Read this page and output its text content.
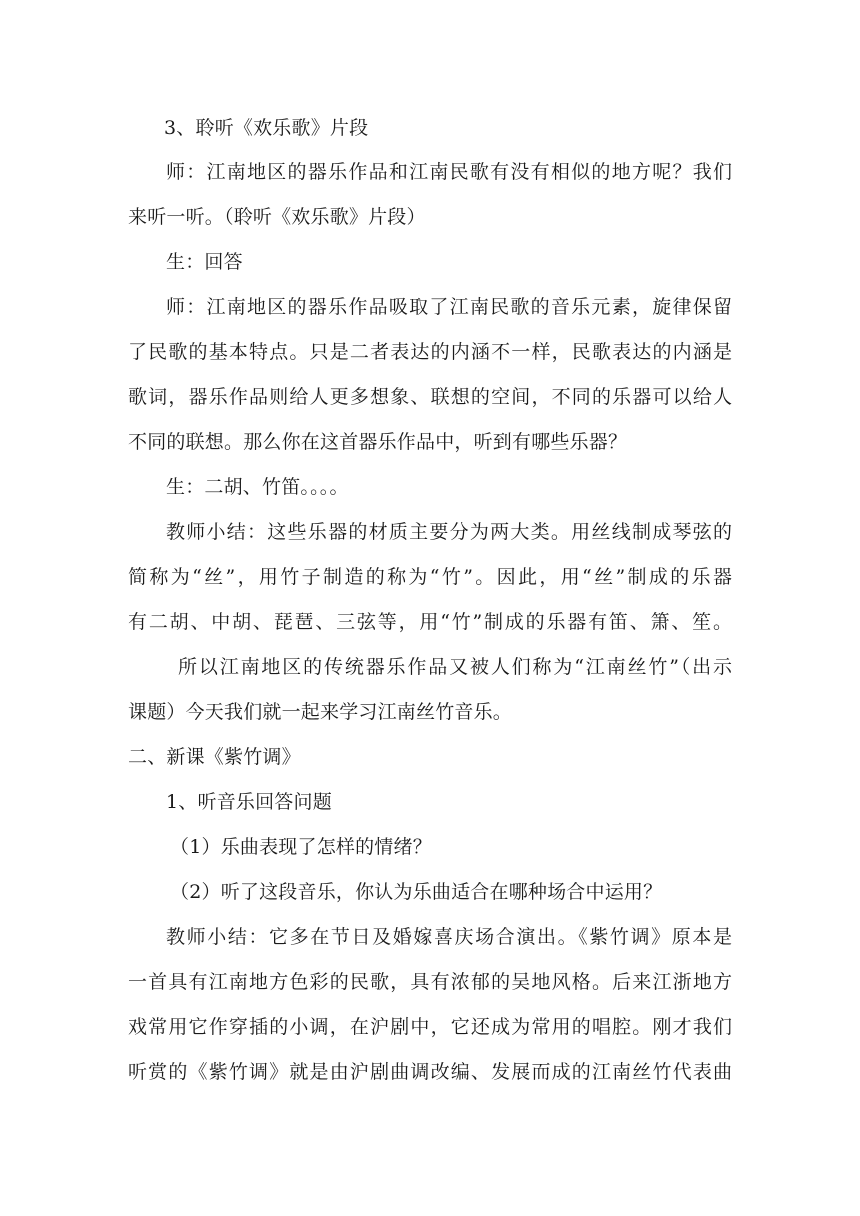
3、聆听《欢乐歌》片段
师：江南地区的器乐作品和江南民歌有没有相似的地方呢？我们
来听一听。（聆听《欢乐歌》片段）
生：回答
师：江南地区的器乐作品吸取了江南民歌的音乐元素，旋律保留
了民歌的基本特点。只是二者表达的内涵不一样，民歌表达的内涵是
歌词，器乐作品则给人更多想象、联想的空间，不同的乐器可以给人
不同的联想。那么你在这首器乐作品中，听到有哪些乐器？
生：二胡、竹笛。。。。
教师小结：这些乐器的材质主要分为两大类。用丝线制成琴弦的
简称为“丝”，用竹子制造的称为“竹”。因此，用“丝”制成的乐器
有二胡、中胡、琵琶、三弦等，用“竹”制成的乐器有笛、箫、笙。
所以江南地区的传统器乐作品又被人们称为“江南丝竹”（出示
课题）今天我们就一起来学习江南丝竹音乐。
二、新课《紫竹调》
1、听音乐回答问题
（1）乐曲表现了怎样的情绪？
（2）听了这段音乐，你认为乐曲适合在哪种场合中运用？
教师小结：它多在节日及婚嫁喜庆场合演出。《紫竹调》原本是
一首具有江南地方色彩的民歌，具有浓郁的吴地风格。后来江浙地方
戏常用它作穿插的小调，在沪剧中，它还成为常用的唱腔。刚才我们
听赏的《紫竹调》就是由沪剧曲调改编、发展而成的江南丝竹代表曲
